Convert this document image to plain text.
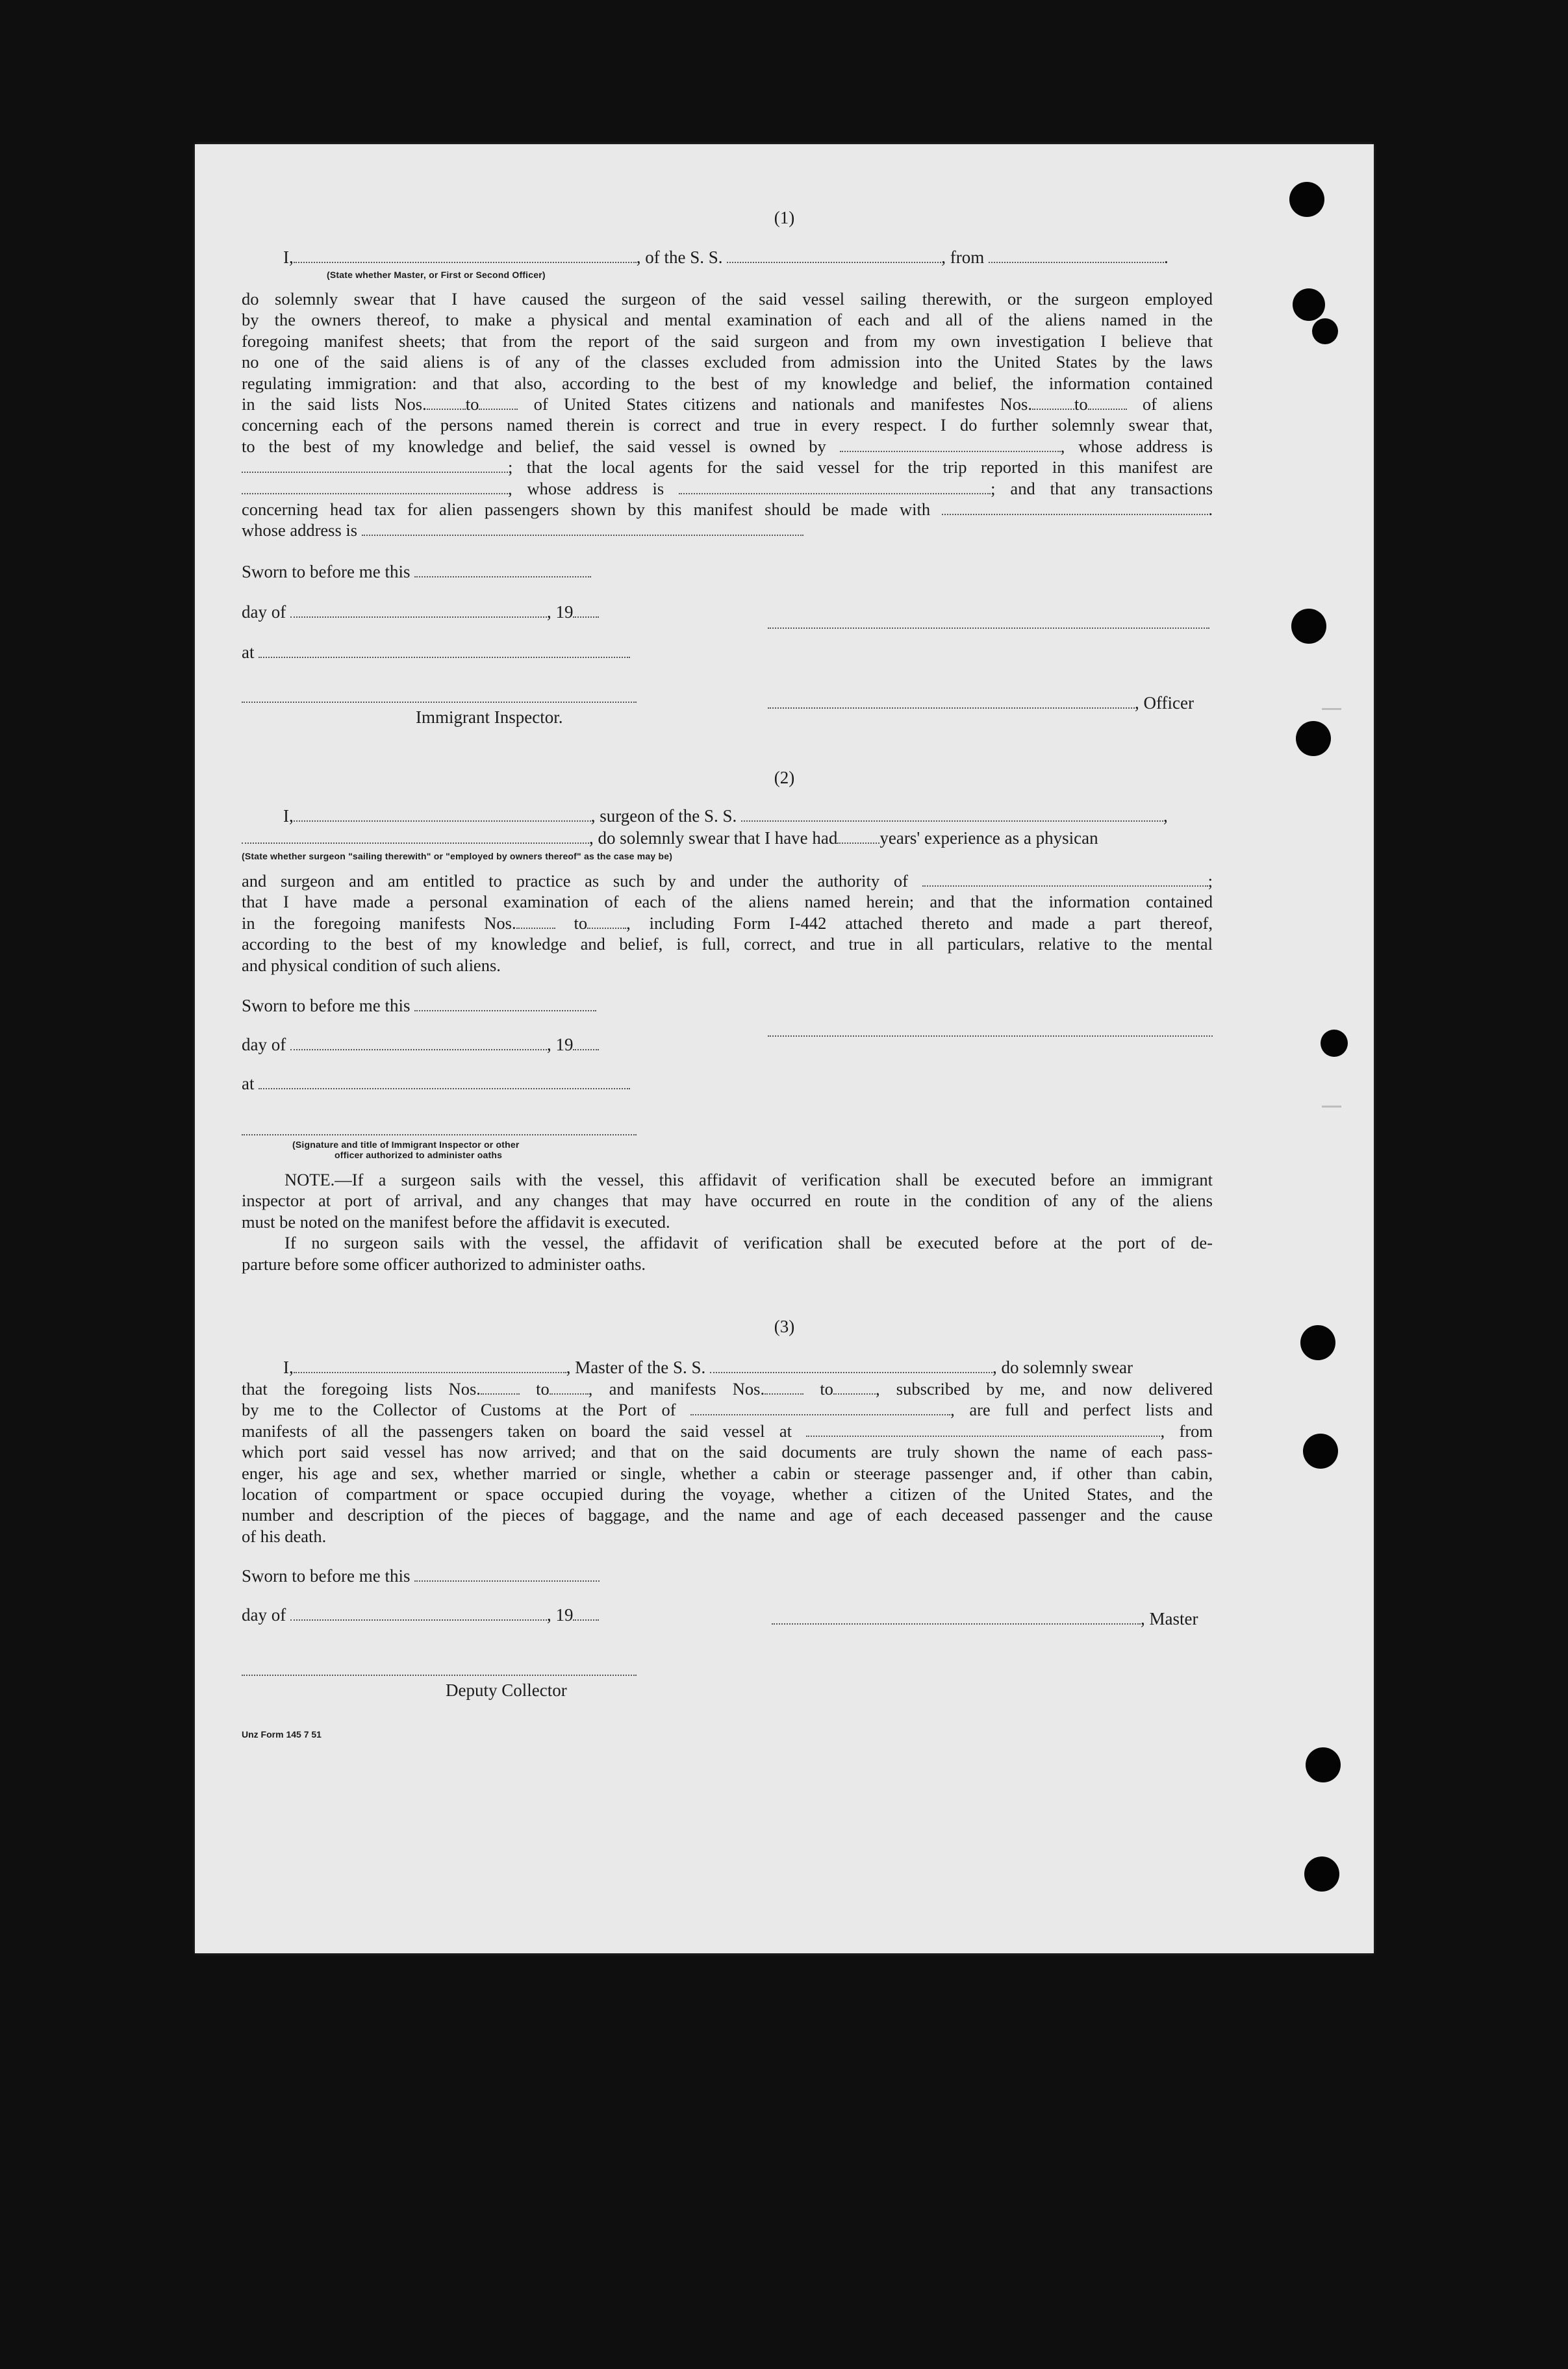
(1)
I,	, of the S. S.	, from	.
(State whether Master, or First or Second Officer)
do solemnly swear that I have caused the surgeon of the said vessel sailing therewith, or the surgeon employed
by the owners thereof, to make a physical and mental examination of each and all of the aliens named in the
foregoing manifest sheets; that from the report of the said surgeon and from my own investigation I believe that
no one of the said aliens is of any of the classes excluded from admission into the United States by the laws
regulating immigration: and that also, according to the best of my knowledge and belief, the information contained
in the said lists Nos. to	of United States citizens and nationals and manifestes Nos. to	of aliens
concerning each of the persons named therein is correct and true in every respect. I do further solemnly swear that,
to the best of my knowledge and belief, the said vessel is owned by	, whose address is
; that the local agents for the said vessel for the trip reported in this manifest are
, whose address is	; and that any transactions
concerning head tax for alien passengers shown by this manifest should be made with	.
whose address is
Sworn to before me this
day of	, 19
at
Immigrant Inspector.
, Officer
(2)
I,	, surgeon of the S. S.	,
, do solemnly swear that I have had years' experience as a physican
(State whether surgeon "sailing therewith" or "employed by owners thereof" as the case may be)
and surgeon and am entitled to practice as such by and under the authority of	;
that I have made a personal examination of each of the aliens named herein; and that the information contained
in the foregoing manifests Nos.	to , including Form I-442 attached thereto and made a part thereof,
according to the best of my knowledge and belief, is full, correct, and true in all particulars, relative to the mental
and physical condition of such aliens.
Sworn to before me this
day of	, 19
at
(Signature and title of Immigrant Inspector or other
officer authorized to administer oaths
NOTE.—If a surgeon sails with the vessel, this affidavit of verification shall be executed before an immigrant
inspector at port of arrival, and any changes that may have occurred en route in the condition of any of the aliens
must be noted on the manifest before the affidavit is executed.
If no surgeon sails with the vessel, the affidavit of verification shall be executed before at the port of de-
parture before some officer authorized to administer oaths.
(3)
I,	, Master of the S. S.	, do solemnly swear
that the foregoing lists Nos.	to , and manifests Nos.	to , subscribed by me, and now delivered
by me to the Collector of Customs at the Port of	, are full and perfect lists and
manifests of all the passengers taken on board the said vessel at	, from
which port said vessel has now arrived; and that on the said documents are truly shown the name of each pass-
enger, his age and sex, whether married or single, whether a cabin or steerage passenger and, if other than cabin,
location of compartment or space occupied during the voyage, whether a citizen of the United States, and the
number and description of the pieces of baggage, and the name and age of each deceased passenger and the cause
of his death.
Sworn to before me this
day of	, 19	, Master
Deputy Collector
Unz Form 145 7 51
